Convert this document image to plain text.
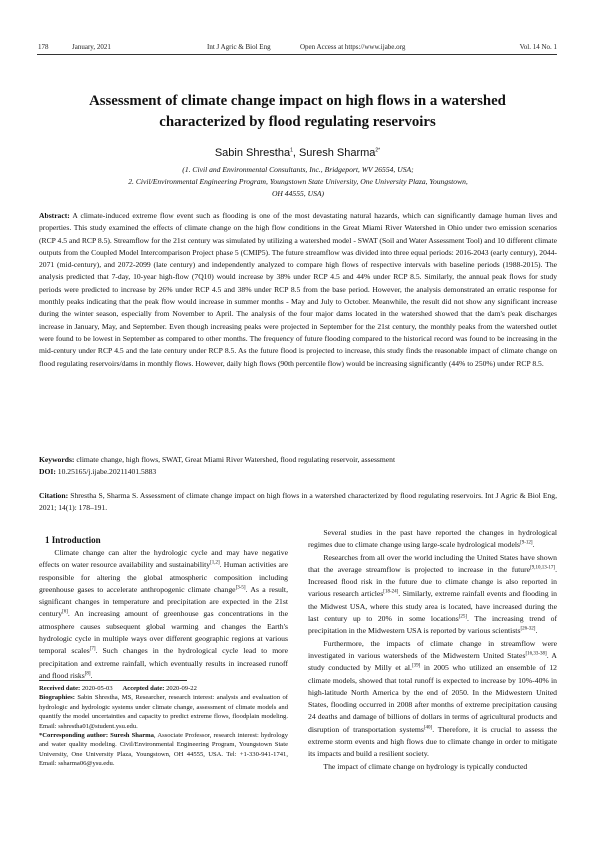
178	January, 2021	Int J Agric & Biol Eng	Open Access at https://www.ijabe.org	Vol. 14 No. 1
Assessment of climate change impact on high flows in a watershed characterized by flood regulating reservoirs
Sabin Shrestha$^1$, Suresh Sharma$^{2*}$
(1. Civil and Environmental Consultants, Inc., Bridgeport, WV 26554, USA;
2. Civil/Environmental Engineering Program, Youngstown State University, One University Plaza, Youngstown,
OH 44555, USA)
Abstract: A climate-induced extreme flow event such as flooding is one of the most devastating natural hazards, which can significantly damage human lives and properties. This study examined the effects of climate change on the high flow conditions in the Great Miami River Watershed in Ohio under two emission scenarios (RCP 4.5 and RCP 8.5). Streamflow for the 21st century was simulated by utilizing a watershed model - SWAT (Soil and Water Assessment Tool) and 10 different climate outputs from the Coupled Model Intercomparison Project phase 5 (CMIP5). The future streamflow was divided into three equal periods: 2016-2043 (early century), 2044-2071 (mid-century), and 2072-2099 (late century) and independently analyzed to compare high flows of respective intervals with baseline periods (1988-2015). The analysis predicted that 7-day, 10-year high-flow (7Q10) would increase by 38% under RCP 4.5 and 44% under RCP 8.5. Similarly, the annual peak flows for study periods were predicted to increase by 26% under RCP 4.5 and 38% under RCP 8.5 from the base period. However, the analysis demonstrated an erratic response for monthly peaks indicating that the peak flow would increase in summer months - May and July to October. Meanwhile, the result did not show any significant increase during the winter season, especially from November to April. The analysis of the four major dams located in the watershed showed that the dam's peak discharges increase in January, May, and September. Even though increasing peaks were projected in September for the 21st century, the monthly peaks from the watershed outlet were found to be lowest in September as compared to other months. The frequency of future flooding compared to the historical record was found to be increasing in the mid-century under RCP 4.5 and the late century under RCP 8.5. As the future flood is projected to increase, this study finds the reasonable impact of climate change on flood regulating reservoirs/dams in monthly flows. However, daily high flows (90th percentile flow) would be increasing significantly (44% to 250%) under RCP 8.5.
Keywords: climate change, high flows, SWAT, Great Miami River Watershed, flood regulating reservoir, assessment
DOI: 10.25165/j.ijabe.20211401.5883
Citation: Shrestha S, Sharma S. Assessment of climate change impact on high flows in a watershed characterized by flood regulating reservoirs. Int J Agric & Biol Eng, 2021; 14(1): 178–191.
1 Introduction
Climate change can alter the hydrologic cycle and may have negative effects on water resource availability and sustainability[1,2]. Human activities are responsible for altering the global atmospheric composition including greenhouse gases to accelerate anthropogenic climate change[3-5]. As a result, significant changes in temperature and precipitation are expected in the 21st century[6]. An increasing amount of greenhouse gas concentrations in the atmosphere causes subsequent global warming and changes the Earth's hydrologic cycle in multiple ways over different geographic regions at various temporal scales[7]. Such changes in the hydrological cycle lead to more precipitation and extreme rainfall, which eventually results in increased runoff and flood risks[8].
Received date: 2020-05-03 Accepted date: 2020-09-22
Biographies: Sabin Shrestha, MS, Researcher, research interest: analysis and evaluation of hydrologic and hydrologic systems under climate change, assessment of climate models and quantify the model uncertainties and capacity to predict extreme flows, floodplain modeling. Email: sshrestha01@student.ysu.edu.
*Corresponding author: Suresh Sharma, Associate Professor, research interest: hydrology and water quality modeling. Civil/Environmental Engineering Program, Youngstown State University, One University Plaza, Youngstown, OH 44555, USA. Tel: +1-330-941-1741, Email: ssharma06@ysu.edu.
Several studies in the past have reported the changes in hydrological regimes due to climate change using large-scale hydrological models[9-12].
Researches from all over the world including the United States have shown that the average streamflow is projected to increase in the future[9,10,13-17]. Increased flood risk in the future due to climate change is also reported in various research articles[18-24]. Similarly, extreme rainfall events and flooding in the Midwest USA, where this study area is located, have increased during the last century up to 20% in some locations[25]. The increasing trend of precipitation in the Midwestern USA is reported by various scientists[26-32].
Furthermore, the impacts of climate change in streamflow were investigated in various watersheds of the Midwestern United States[16,33-38]. A study conducted by Milly et al.[39] in 2005 who utilized an ensemble of 12 climate models, showed that total runoff is expected to increase by 10%-40% in high-latitude North America by the end of 2050. In the Midwestern United States, flooding occurred in 2008 after months of extreme precipitation causing 24 deaths and damage of billions of dollars in terms of agricultural products and disruption of transportation systems[40]. Therefore, it is crucial to assess the extreme storm events and high flows due to climate change in order to mitigate its impacts and build a resilient society.
The impact of climate change on hydrology is typically conducted
